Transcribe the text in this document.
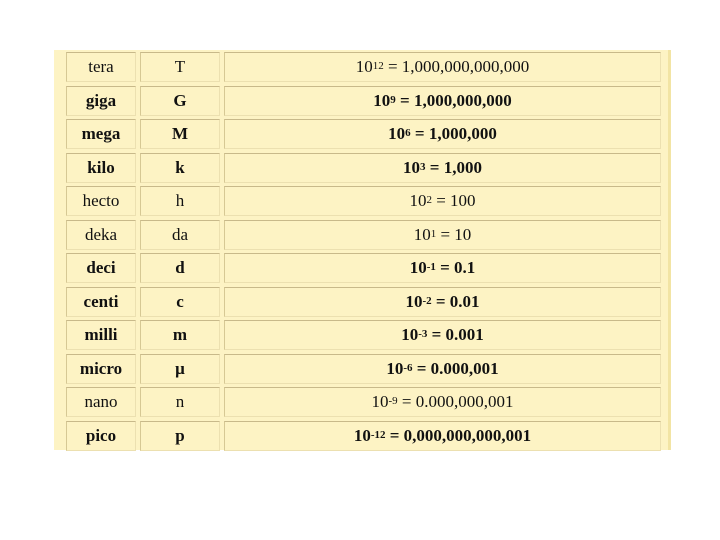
tera	T	$10^{12} = 1,000,000,000,000$
giga	G	$10^9 = 1,000,000,000$
mega	M	$10^6 = 1,000,000$
kilo	k	$10^3 = 1,000$
hecto	h	$10^2 = 100$
deka	da	$10^1 = 10$
deci	d	$10^{-1} = 0.1$
centi	c	$10^{-2} = 0.01$
milli	m	$10^{-3} = 0.001$
micro	μ	$10^{-6} = 0.000,001$
nano	n	$10^{-9} = 0.000,000,001$
pico	p	$10^{-12} = 0,000,000,000,001$
